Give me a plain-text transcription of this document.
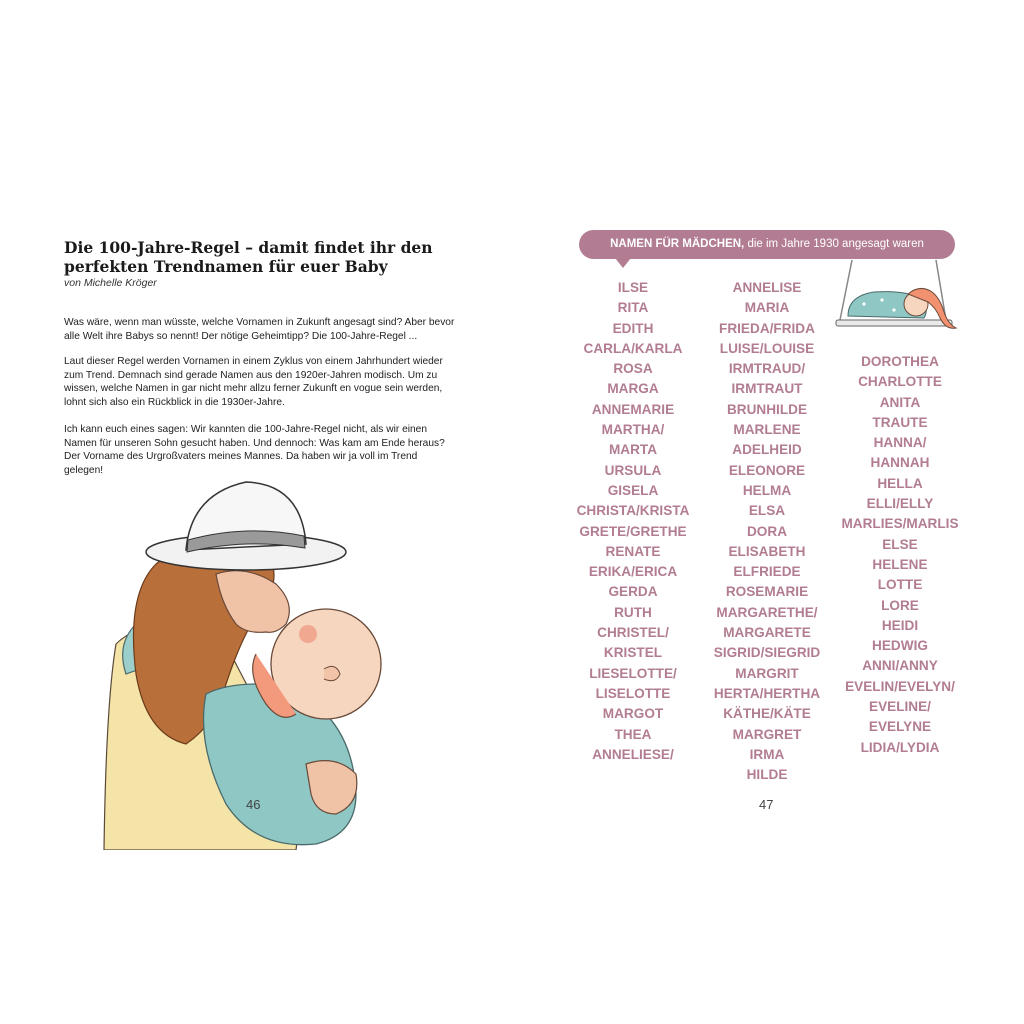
Die 100-Jahre-Regel – damit findet ihr den perfekten Trendnamen für euer Baby
von Michelle Kröger

Was wäre, wenn man wüsste, welche Vornamen in Zukunft angesagt sind? Aber bevor alle Welt ihre Babys so nennt! Der nötige Geheimtipp? Die 100-Jahre-Regel ...

Laut dieser Regel werden Vornamen in einem Zyklus von einem Jahrhundert wieder zum Trend. Demnach sind gerade Namen aus den 1920er-Jahren modisch. Um zu wissen, welche Namen in gar nicht mehr allzu ferner Zukunft en vogue sein werden, lohnt sich also ein Rückblick in die 1930er-Jahre.

Ich kann euch eines sagen: Wir kannten die 100-Jahre-Regel nicht, als wir einen Namen für unseren Sohn gesucht haben. Und dennoch: Was kam am Ende heraus? Der Vorname des Urgroßvaters meines Mannes. Da haben wir ja voll im Trend gelegen!

46
NAMEN FÜR MÄDCHEN, die im Jahre 1930 angesagt waren
ILSE
RITA
EDITH
CARLA/KARLA
ROSA
MARGA
ANNEMARIE
MARTHA/
MARTA
URSULA
GISELA
CHRISTA/KRISTA
GRETE/GRETHE
RENATE
ERIKA/ERICA
GERDA
RUTH
CHRISTEL/
KRISTEL
LIESELOTTE/
LISELOTTE
MARGOT
THEA
ANNELIESE/
ANNELISE
MARIA
FRIEDA/FRIDA
LUISE/LOUISE
IRMTRAUD/
IRMTRAUT
BRUNHILDE
MARLENE
ADELHEID
ELEONORE
HELMA
ELSA
DORA
ELISABETH
ELFRIEDE
ROSEMARIE
MARGARETHE/
MARGARETE
SIGRID/SIEGRID
MARGRIT
HERTA/HERTHA
KÄTHE/KÄTE
MARGRET
IRMA
HILDE
DOROTHEA
CHARLOTTE
ANITA
TRAUTE
HANNA/
HANNAH
HELLA
ELLI/ELLY
MARLIES/MARLIS
ELSE
HELENE
LOTTE
LORE
HEIDI
HEDWIG
ANNI/ANNY
EVELIN/EVELYN/
EVELINE/
EVELYNE
LIDIA/LYDIA
47
